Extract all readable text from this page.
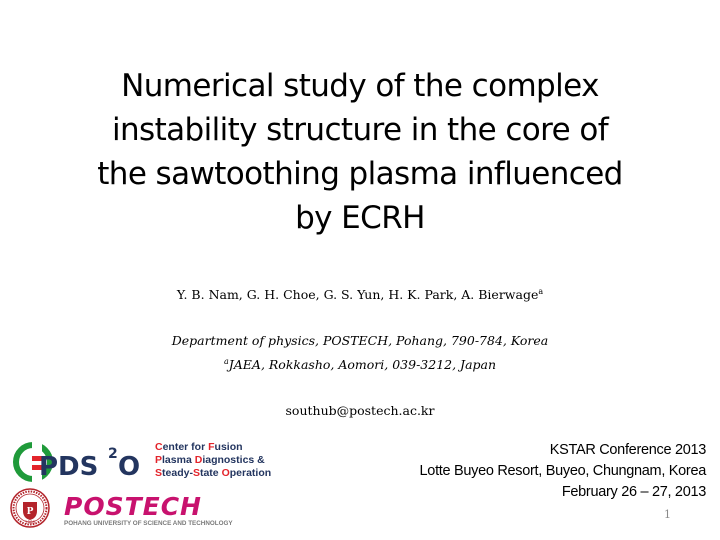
Numerical study of the complex
instability structure in the core of
the sawtoothing plasma influenced
by ECRH
Y. B. Nam, G. H. Choe, G. S. Yun, H. K. Park, A. Bierwage$^a$
Department of physics, POSTECH, Pohang, 790-784, Korea
$^a$JAEA, Rokkasho, Aomori, 039-3212, Japan
southub@postech.ac.kr
KSTAR Conference 2013
Lotte Buyeo Resort, Buyeo, Chungnam, Korea
February 26 – 27, 2013
1
PDS 2 O
Center for Fusion
Plasma Diagnostics &
Steady-State Operation
P
1986
POSTECH
POHANG UNIVERSITY OF SCIENCE AND TECHNOLOGY
